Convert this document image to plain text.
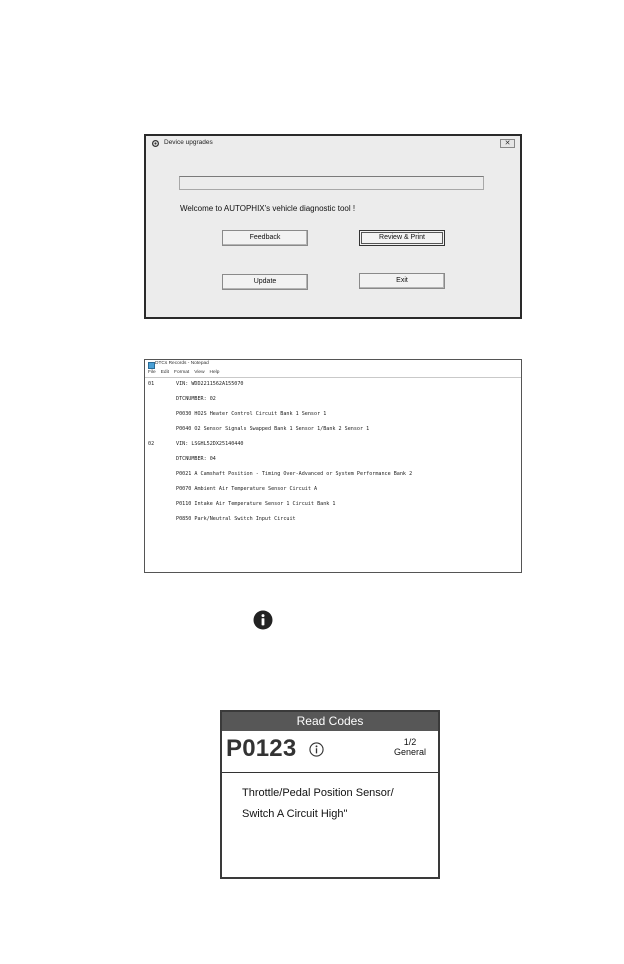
Device upgrades	✕
Welcome to AUTOPHIX's vehicle diagnostic tool !
Feedback	Review & Print
Update	Exit
DTCs Records - Notepad
File Edit Format View Help
01	VIN: WDD2211562A155070
DTCNUMBER: 02
P0030 HO2S Heater Control Circuit Bank 1 Sensor 1
P0040 O2 Sensor Signals Swapped Bank 1 Sensor 1/Bank 2 Sensor 1
02	VIN: LSGHL52DX25140440
DTCNUMBER: 04
P0021 A Camshaft Position - Timing Over-Advanced or System Performance Bank 2
P0070 Ambient Air Temperature Sensor Circuit A
P0110 Intake Air Temperature Sensor 1 Circuit Bank 1
P0850 Park/Neutral Switch Input Circuit
Read Codes
P0123	1/2
General
Throttle/Pedal Position Sensor/
Switch A Circuit High"
